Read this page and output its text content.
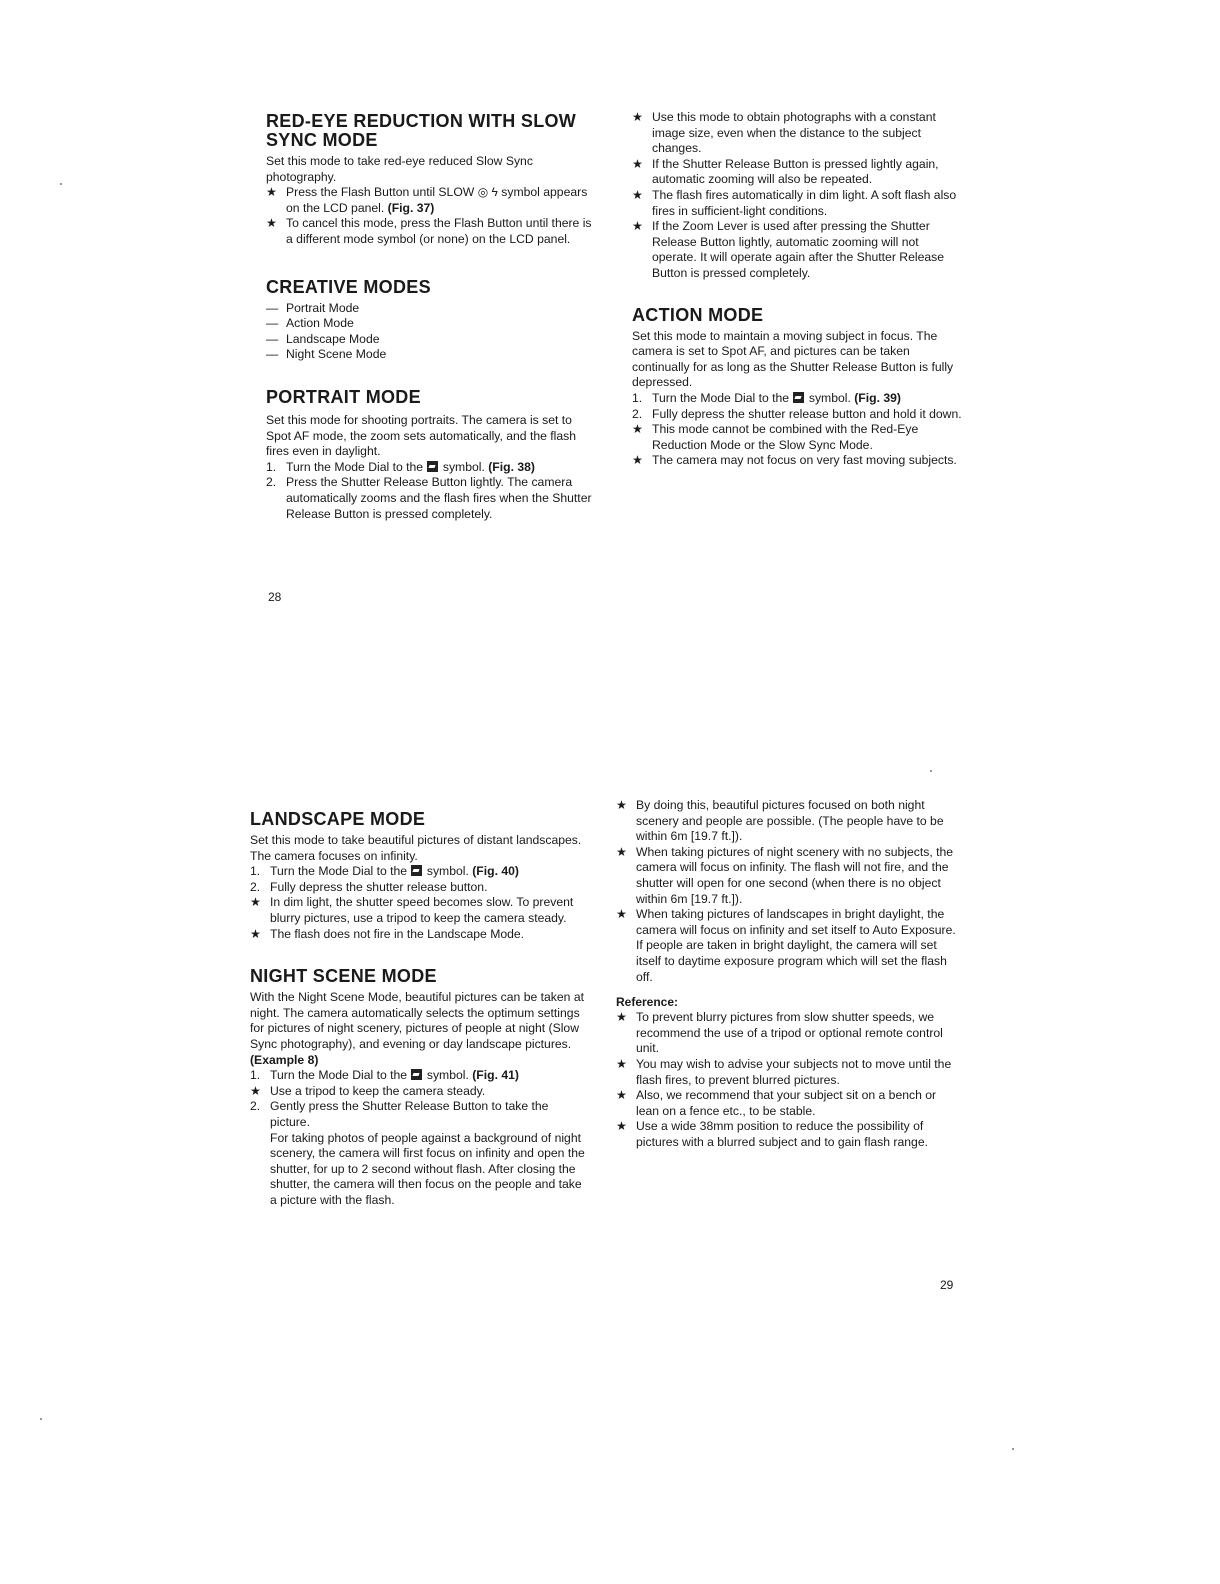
RED-EYE REDUCTION WITH SLOW SYNC MODE

Set this mode to take red-eye reduced Slow Sync photography.

★ Press the Flash Button until SLOW ◎ ϟ symbol appears on the LCD panel. (Fig. 37)
★ To cancel this mode, press the Flash Button until there is a different mode symbol (or none) on the LCD panel.
CREATIVE MODES
— Portrait Mode
— Action Mode
— Landscape Mode
— Night Scene Mode
PORTRAIT MODE

Set this mode for shooting portraits. The camera is set to Spot AF mode, the zoom sets automatically, and the flash fires even in daylight.

1. Turn the Mode Dial to the symbol. (Fig. 38)
2. Press the Shutter Release Button lightly. The camera automatically zooms and the flash fires when the Shutter Release Button is pressed completely.
★ Use this mode to obtain photographs with a constant image size, even when the distance to the subject changes.
★ If the Shutter Release Button is pressed lightly again, automatic zooming will also be repeated.
★ The flash fires automatically in dim light. A soft flash also fires in sufficient-light conditions.
★ If the Zoom Lever is used after pressing the Shutter Release Button lightly, automatic zooming will not operate. It will operate again after the Shutter Release Button is pressed completely.
ACTION MODE

Set this mode to maintain a moving subject in focus. The camera is set to Spot AF, and pictures can be taken continually for as long as the Shutter Release Button is fully depressed.

1. Turn the Mode Dial to the symbol. (Fig. 39)
2. Fully depress the shutter release button and hold it down.
★ This mode cannot be combined with the Red-Eye Reduction Mode or the Slow Sync Mode.
★ The camera may not focus on very fast moving subjects.
28
LANDSCAPE MODE

Set this mode to take beautiful pictures of distant landscapes.

The camera focuses on infinity.

1. Turn the Mode Dial to the symbol. (Fig. 40)
2. Fully depress the shutter release button.
★ In dim light, the shutter speed becomes slow. To prevent blurry pictures, use a tripod to keep the camera steady.
★ The flash does not fire in the Landscape Mode.
NIGHT SCENE MODE

With the Night Scene Mode, beautiful pictures can be taken at night. The camera automatically selects the optimum settings for pictures of night scenery, pictures of people at night (Slow Sync photography), and evening or day landscape pictures. (Example 8)

1. Turn the Mode Dial to the symbol. (Fig. 41)
★ Use a tripod to keep the camera steady.
2. Gently press the Shutter Release Button to take the picture.
For taking photos of people against a background of night scenery, the camera will first focus on infinity and open the shutter, for up to 2 second without flash. After closing the shutter, the camera will then focus on the people and take a picture with the flash.
★ By doing this, beautiful pictures focused on both night scenery and people are possible. (The people have to be within 6m [19.7 ft.]).
★ When taking pictures of night scenery with no subjects, the camera will focus on infinity. The flash will not fire, and the shutter will open for one second (when there is no object within 6m [19.7 ft.]).
★ When taking pictures of landscapes in bright daylight, the camera will focus on infinity and set itself to Auto Exposure.
If people are taken in bright daylight, the camera will set itself to daytime exposure program which will set the flash off.
Reference:
★ To prevent blurry pictures from slow shutter speeds, we recommend the use of a tripod or optional remote control unit.
★ You may wish to advise your subjects not to move until the flash fires, to prevent blurred pictures.
★ Also, we recommend that your subject sit on a bench or lean on a fence etc., to be stable.
★ Use a wide 38mm position to reduce the possibility of pictures with a blurred subject and to gain flash range.
29
